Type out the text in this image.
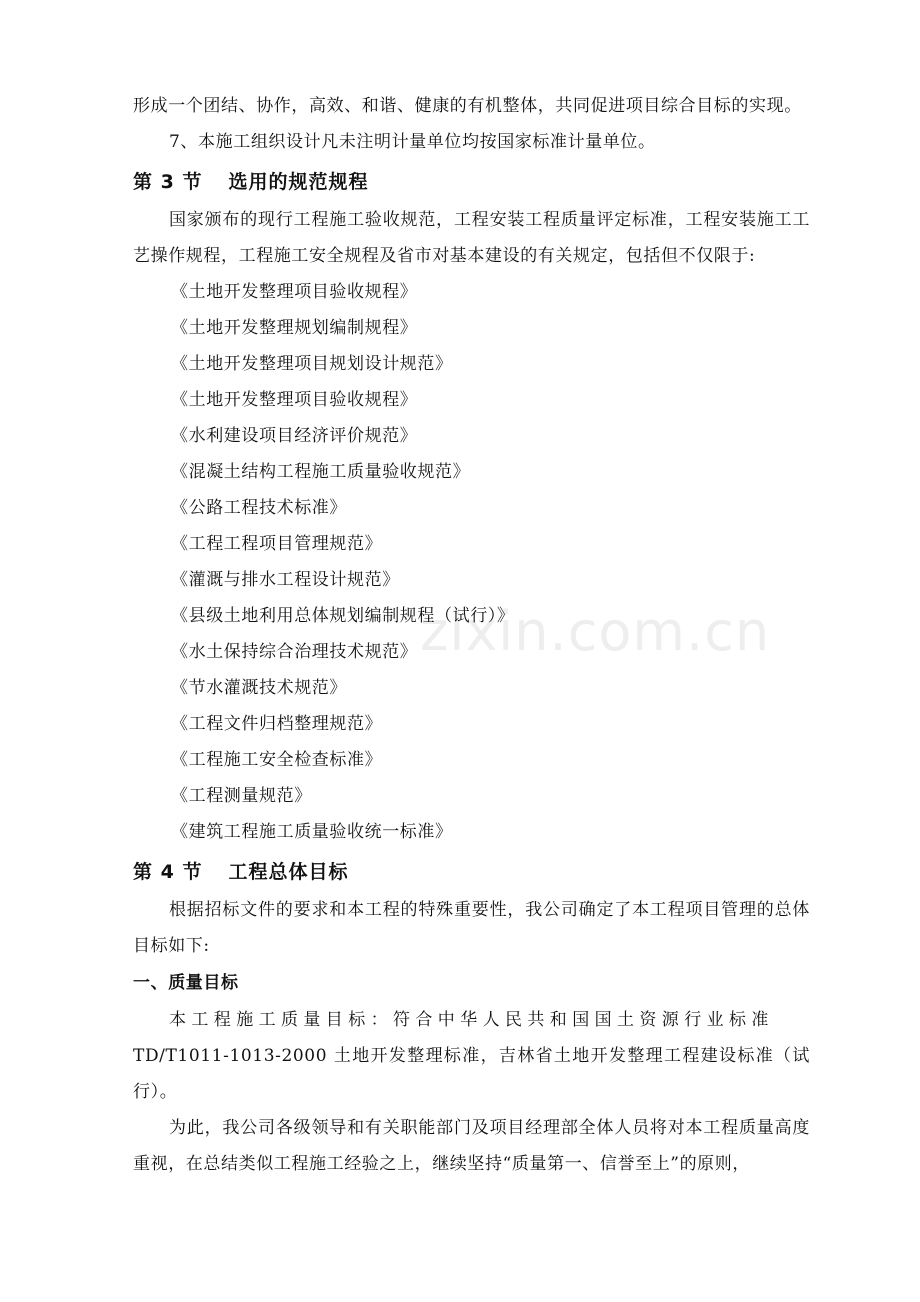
zixin.com.cn

形成一个团结、协作，高效、和谐、健康的有机整体，共同促进项目综合目标的实现。

7、本施工组织设计凡未注明计量单位均按国家标准计量单位。

第 3 节 选用的规范规程

国家颁布的现行工程施工验收规范，工程安装工程质量评定标准，工程安装施工工艺操作规程，工程施工安全规程及省市对基本建设的有关规定，包括但不仅限于:

《土地开发整理项目验收规程》

《土地开发整理规划编制规程》

《土地开发整理项目规划设计规范》

《土地开发整理项目验收规程》

《水利建设项目经济评价规范》

《混凝土结构工程施工质量验收规范》

《公路工程技术标准》

《工程工程项目管理规范》

《灌溉与排水工程设计规范》

《县级土地利用总体规划编制规程（试行）》

《水土保持综合治理技术规范》

《节水灌溉技术规范》

《工程文件归档整理规范》

《工程施工安全检查标准》

《工程测量规范》

《建筑工程施工质量验收统一标准》

第 4 节 工程总体目标

根据招标文件的要求和本工程的特殊重要性，我公司确定了本工程项目管理的总体目标如下:

一、质量目标

本工程施工质量目标：符合中华人民共和国国土资源行业标准

TD/T1011-1013-2000 土地开发整理标准，吉林省土地开发整理工程建设标准（试行）。

为此，我公司各级领导和有关职能部门及项目经理部全体人员将对本工程质量高度重视，在总结类似工程施工经验之上，继续坚持“质量第一、信誉至上”的原则，
